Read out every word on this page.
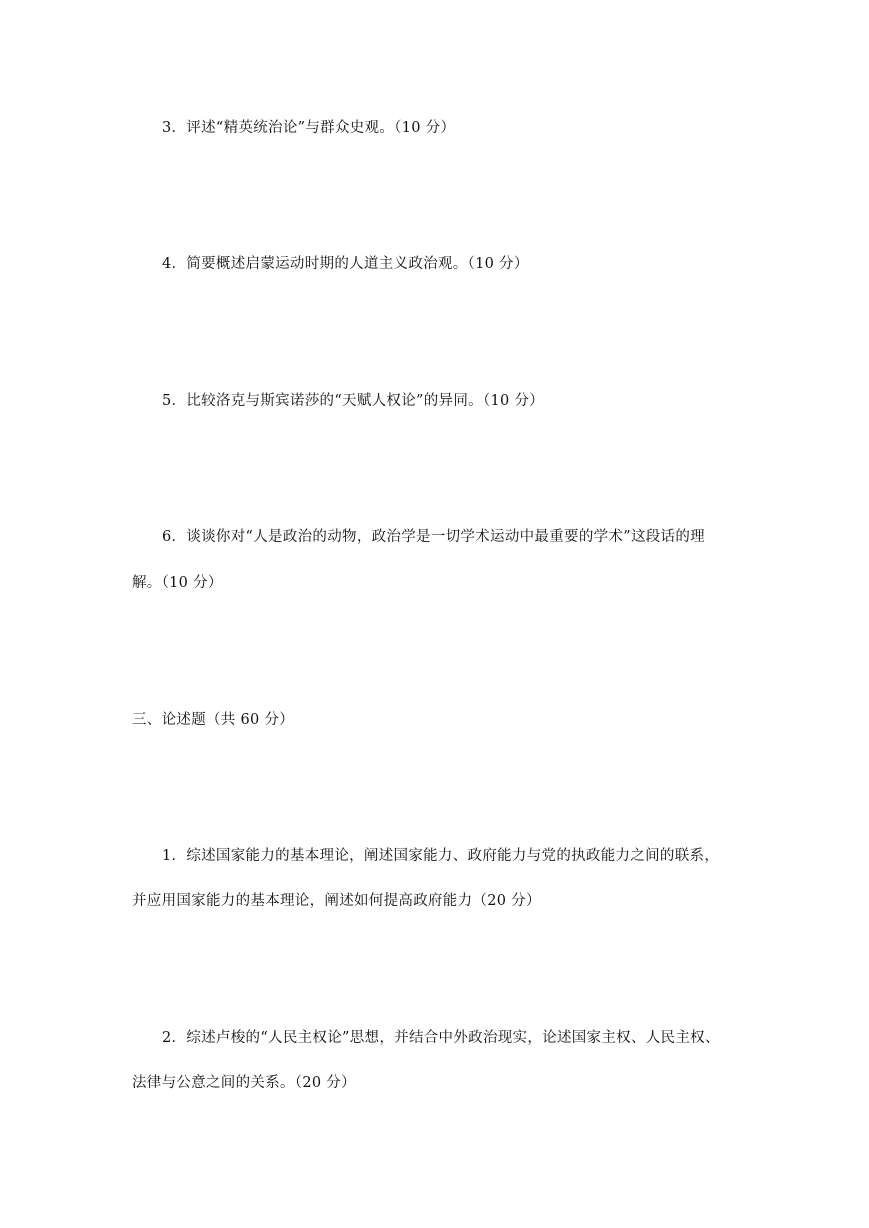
3．评述“精英统治论”与群众史观。（10 分）
4．简要概述启蒙运动时期的人道主义政治观。（10 分）
5．比较洛克与斯宾诺莎的“天赋人权论”的异同。（10 分）
6．谈谈你对“人是政治的动物，政治学是一切学术运动中最重要的学术”这段话的理
解。（10 分）
三、论述题（共 60 分）
1．综述国家能力的基本理论，阐述国家能力、政府能力与党的执政能力之间的联系，
并应用国家能力的基本理论，阐述如何提高政府能力（20 分）
2．综述卢梭的“人民主权论”思想，并结合中外政治现实，论述国家主权、人民主权、
法律与公意之间的关系。（20 分）
